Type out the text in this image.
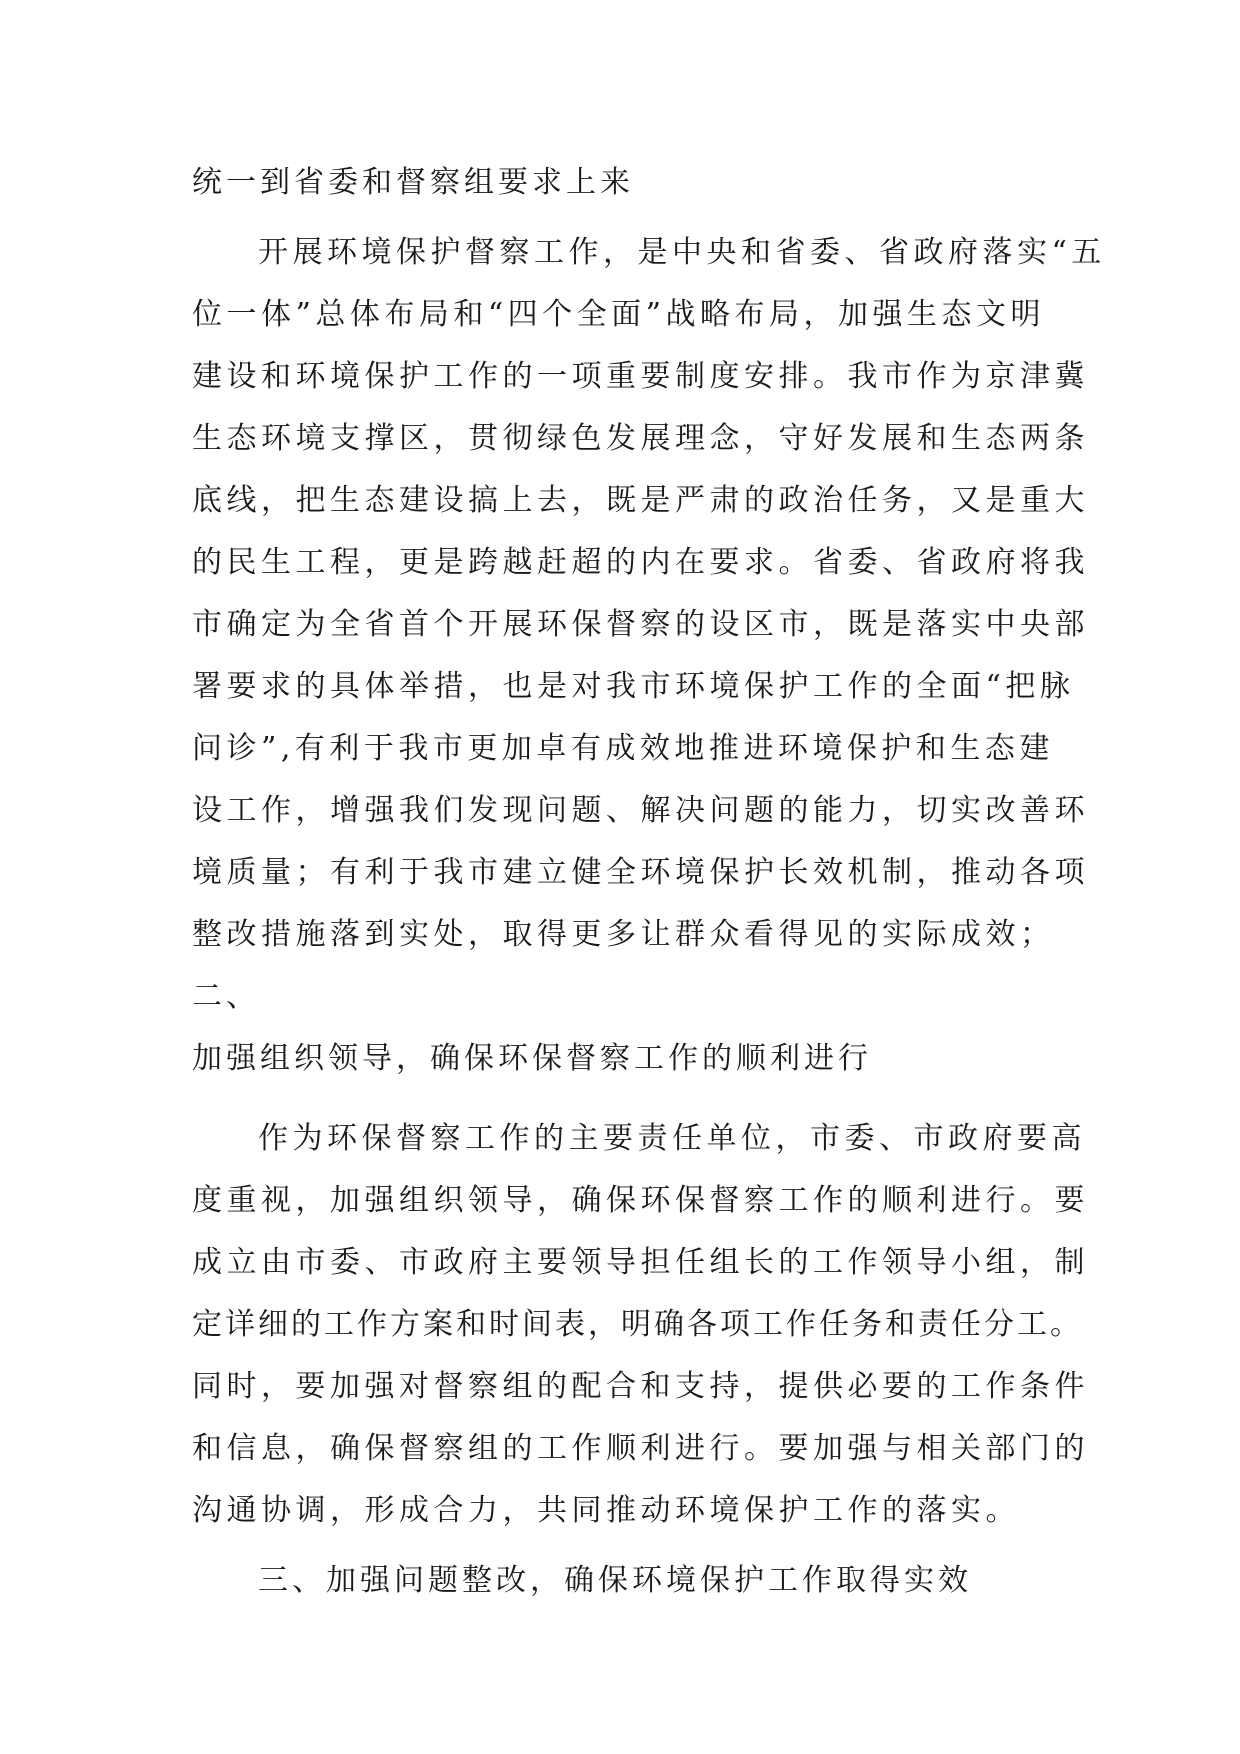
统一到省委和督察组要求上来
开展环境保护督察工作，是中央和省委、省政府落实“五
位一体”总体布局和“四个全面”战略布局，加强生态文明
建设和环境保护工作的一项重要制度安排。我市作为京津冀
生态环境支撑区，贯彻绿色发展理念，守好发展和生态两条
底线，把生态建设搞上去，既是严肃的政治任务，又是重大
的民生工程，更是跨越赶超的内在要求。省委、省政府将我
市确定为全省首个开展环保督察的设区市，既是落实中央部
署要求的具体举措，也是对我市环境保护工作的全面“把脉
问诊”,有利于我市更加卓有成效地推进环境保护和生态建
设工作，增强我们发现问题、解决问题的能力，切实改善环
境质量；有利于我市建立健全环境保护长效机制，推动各项
整改措施落到实处，取得更多让群众看得见的实际成效；
二、
加强组织领导，确保环保督察工作的顺利进行
作为环保督察工作的主要责任单位，市委、市政府要高
度重视，加强组织领导，确保环保督察工作的顺利进行。要
成立由市委、市政府主要领导担任组长的工作领导小组，制
定详细的工作方案和时间表，明确各项工作任务和责任分工。
同时，要加强对督察组的配合和支持，提供必要的工作条件
和信息，确保督察组的工作顺利进行。要加强与相关部门的
沟通协调，形成合力，共同推动环境保护工作的落实。
三、加强问题整改，确保环境保护工作取得实效
